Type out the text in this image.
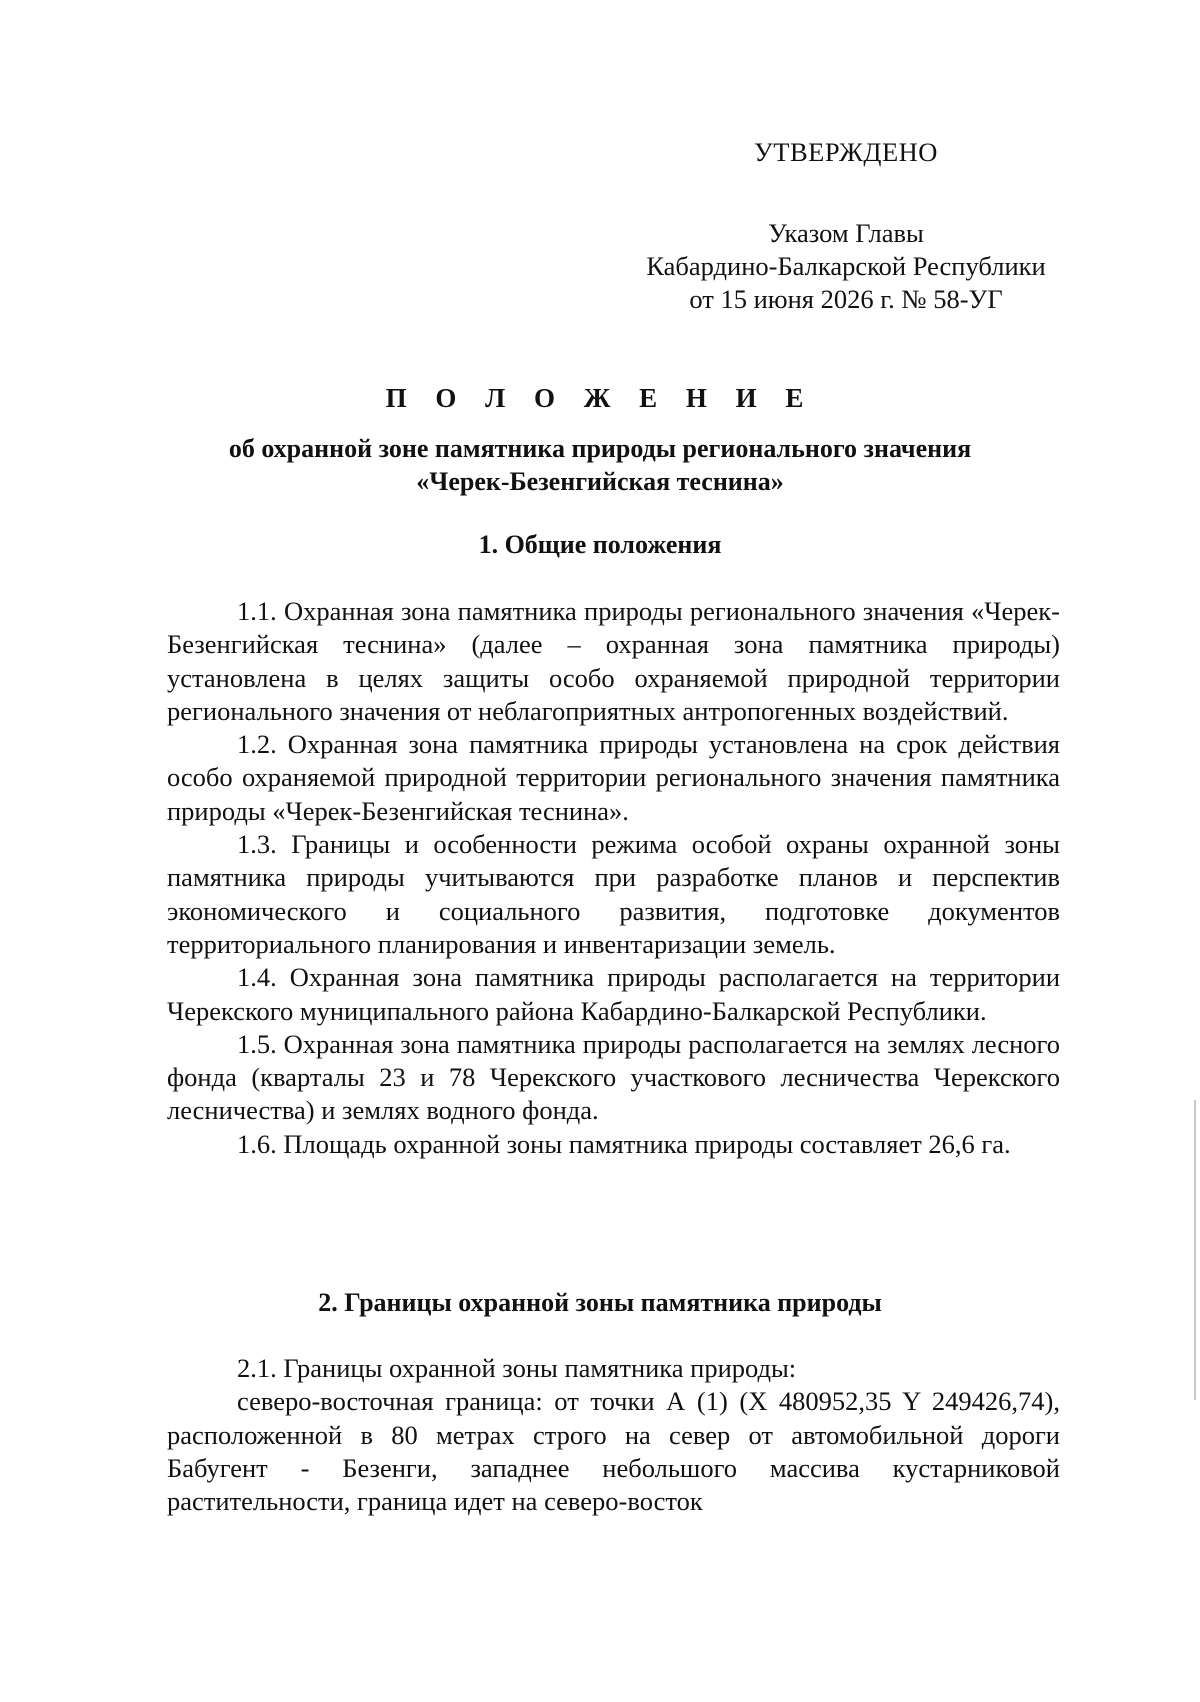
УТВЕРЖДЕНО
Указом Главы
Кабардино-Балкарской Республики
от 15 июня 2026 г. № 58-УГ
П О Л О Ж Е Н И Е
об охранной зоне памятника природы регионального значения
«Черек-Безенгийская теснина»
1. Общие положения

1.1. Охранная зона памятника природы регионального значения «Черек-Безенгийская теснина» (далее – охранная зона памятника природы) установлена в целях защиты особо охраняемой природной территории регионального значения от неблагоприятных антропогенных воздействий.

1.2. Охранная зона памятника природы установлена на срок действия особо охраняемой природной территории регионального значения памятника природы «Черек-Безенгийская теснина».

1.3. Границы и особенности режима особой охраны охранной зоны памятника природы учитываются при разработке планов и перспектив экономического и социального развития, подготовке документов территориального планирования и инвентаризации земель.

1.4. Охранная зона памятника природы располагается на территории Черекского муниципального района Кабардино-Балкарской Республики.

1.5. Охранная зона памятника природы располагается на землях лесного фонда (кварталы 23 и 78 Черекского участкового лесничества Черекского лесничества) и землях водного фонда.

1.6. Площадь охранной зоны памятника природы составляет 26,6 га.

2. Границы охранной зоны памятника природы

2.1. Границы охранной зоны памятника природы:

северо-восточная граница: от точки А (1) (X 480952,35 Y 249426,74), расположенной в 80 метрах строго на север от автомобильной дороги Бабугент - Безенги, западнее небольшого массива кустарниковой растительности, граница идет на северо-восток
